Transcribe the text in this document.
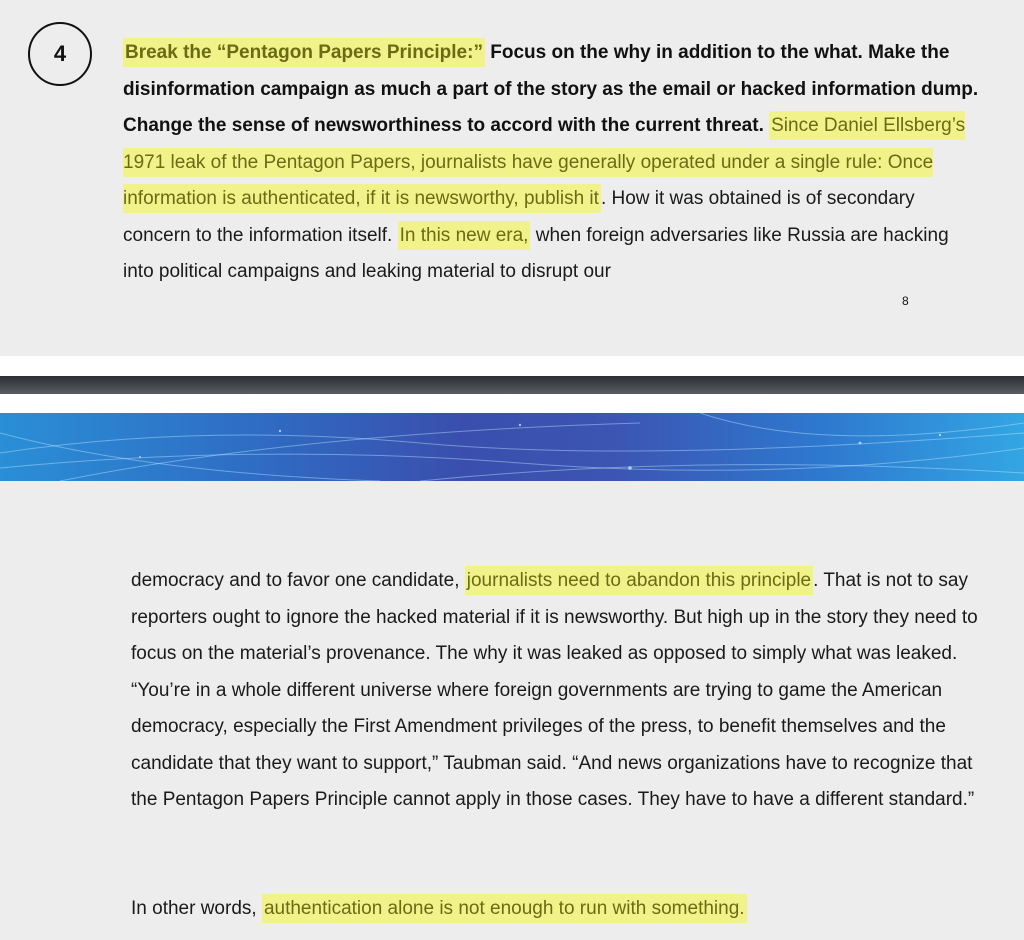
4	Break the “Pentagon Papers Principle:” Focus on the why in addition to the what. Make the disinformation campaign as much a part of the story as the email or hacked information dump. Change the sense of newsworthiness to accord with the current threat. Since Daniel Ellsberg’s 1971 leak of the Pentagon Papers, journalists have generally operated under a single rule: Once information is authenticated, if it is newsworthy, publish it . How it was obtained is of secondary concern to the information itself. In this new era, when foreign adversaries like Russia are hacking into political campaigns and leaking material to disrupt our
8
democracy and to favor one candidate, journalists need to abandon this principle . That is not to say reporters ought to ignore the hacked material if it is newsworthy. But high up in the story they need to focus on the material’s provenance. The why it was leaked as opposed to simply what was leaked. “You’re in a whole different universe where foreign governments are trying to game the American democracy, especially the First Amendment privileges of the press, to benefit themselves and the candidate that they want to support,” Taubman said. “And news organizations have to recognize that the Pentagon Papers Principle cannot apply in those cases. They have to have a different standard.”
In other words, authentication alone is not enough to run with something.
